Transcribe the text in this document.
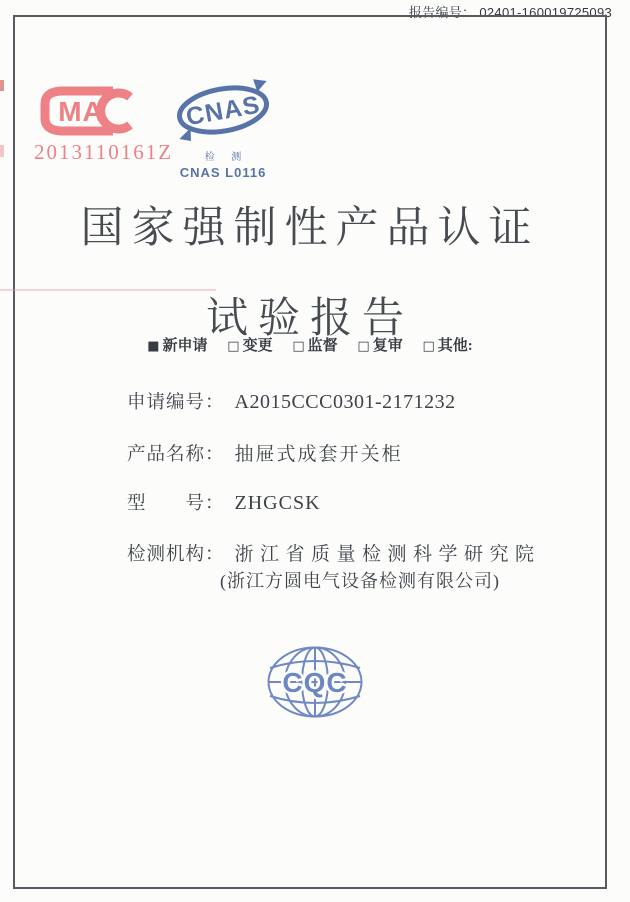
报告编号： 02401-160019725093
MA
2013110161Z
CNAS
检 测
CNAS L0116
国家强制性产品认证
试验报告
■ 新申请 □ 变更 □ 监督 □ 复审 □ 其他:
申请编号： A2015CCC0301-2171232
产品名称： 抽屉式成套开关柜
型　　号： ZHGCSK
检测机构： 浙江省质量检测科学研究院
(浙江方圆电气设备检测有限公司)
CQC
